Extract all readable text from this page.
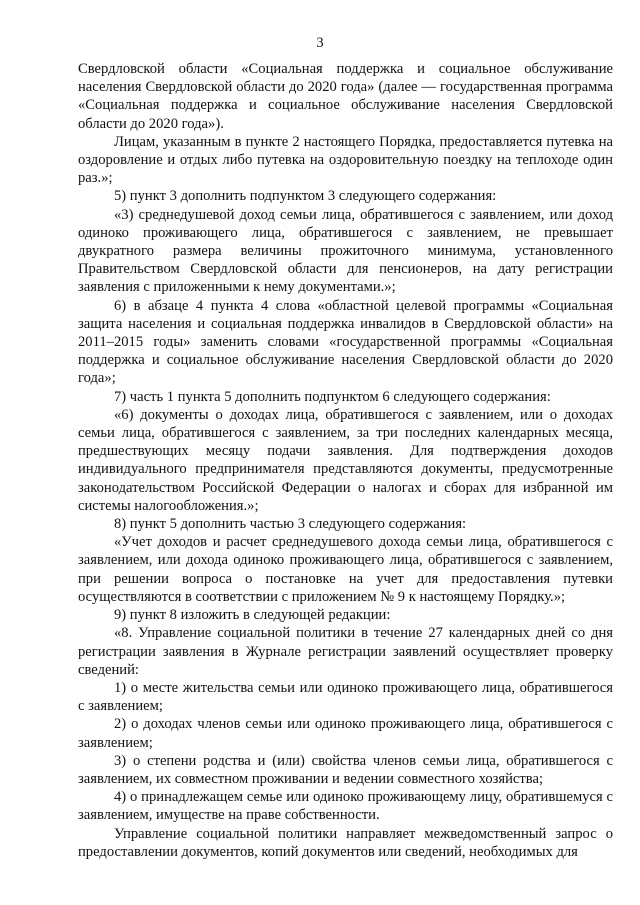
3

Свердловской области «Социальная поддержка и социальное обслуживание населения Свердловской области до 2020 года» (далее — государственная программа «Социальная поддержка и социальное обслуживание населения Свердловской области до 2020 года»).

Лицам, указанным в пункте 2 настоящего Порядка, предоставляется путевка на оздоровление и отдых либо путевка на оздоровительную поездку на теплоходе один раз.»;

5) пункт 3 дополнить подпунктом 3 следующего содержания:

«3) среднедушевой доход семьи лица, обратившегося с заявлением, или доход одиноко проживающего лица, обратившегося с заявлением, не превышает двукратного размера величины прожиточного минимума, установленного Правительством Свердловской области для пенсионеров, на дату регистрации заявления с приложенными к нему документами.»;

6) в абзаце 4 пункта 4 слова «областной целевой программы «Социальная защита населения и социальная поддержка инвалидов в Свердловской области» на 2011–2015 годы» заменить словами «государственной программы «Социальная поддержка и социальное обслуживание населения Свердловской области до 2020 года»;

7) часть 1 пункта 5 дополнить подпунктом 6 следующего содержания:

«6) документы о доходах лица, обратившегося с заявлением, или о доходах семьи лица, обратившегося с заявлением, за три последних календарных месяца, предшествующих месяцу подачи заявления. Для подтверждения доходов индивидуального предпринимателя представляются документы, предусмотренные законодательством Российской Федерации о налогах и сборах для избранной им системы налогообложения.»;

8) пункт 5 дополнить частью 3 следующего содержания:

«Учет доходов и расчет среднедушевого дохода семьи лица, обратившегося с заявлением, или дохода одиноко проживающего лица, обратившегося с заявлением, при решении вопроса о постановке на учет для предоставления путевки осуществляются в соответствии с приложением № 9 к настоящему Порядку.»;

9) пункт 8 изложить в следующей редакции:

«8. Управление социальной политики в течение 27 календарных дней со дня регистрации заявления в Журнале регистрации заявлений осуществляет проверку сведений:

1) о месте жительства семьи или одиноко проживающего лица, обратившегося с заявлением;

2) о доходах членов семьи или одиноко проживающего лица, обратившегося с заявлением;

3) о степени родства и (или) свойства членов семьи лица, обратившегося с заявлением, их совместном проживании и ведении совместного хозяйства;

4) о принадлежащем семье или одиноко проживающему лицу, обратившемуся с заявлением, имуществе на праве собственности.

Управление социальной политики направляет межведомственный запрос о предоставлении документов, копий документов или сведений, необходимых для
